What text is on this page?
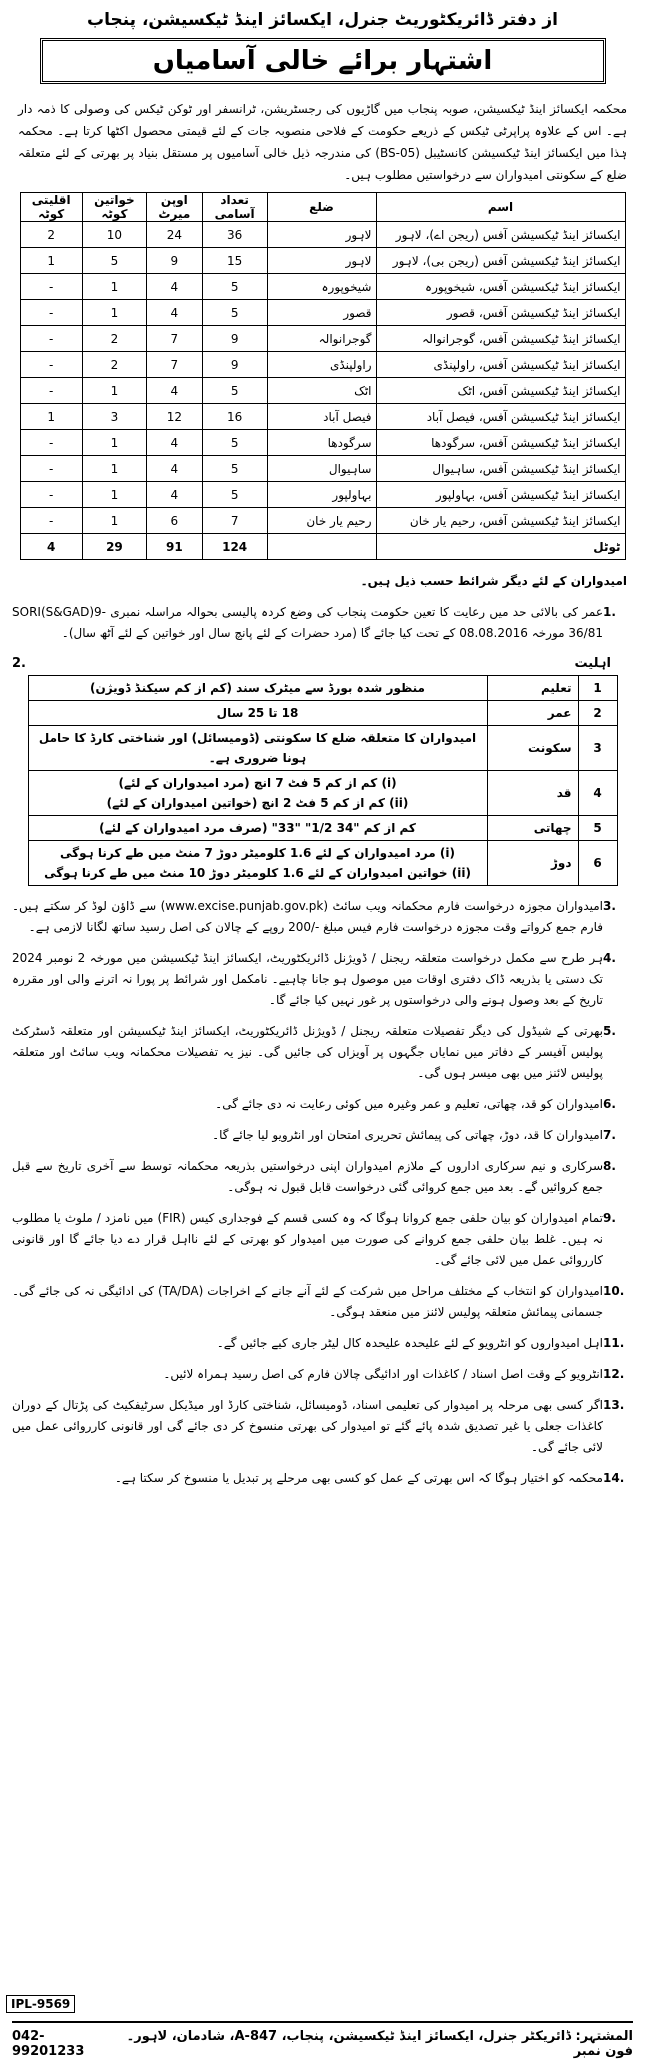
از دفتر ڈائریکٹوریٹ جنرل، ایکسائز اینڈ ٹیکسیشن، پنجاب
اشتہار برائے خالی آسامیاں
محکمہ ایکسائز اینڈ ٹیکسیشن، صوبہ پنجاب میں گاڑیوں کی رجسٹریشن، ٹرانسفر اور ٹوکن ٹیکس کی وصولی کا ذمہ دار ہے۔ اس کے علاوہ پراپرٹی ٹیکس کے ذریعے حکومت کے فلاحی منصوبہ جات کے لئے قیمتی محصول اکٹھا کرتا ہے۔ محکمہ ہٰذا میں ایکسائز اینڈ ٹیکسیشن کانسٹیبل (BS-05) کی مندرجہ ذیل خالی آسامیوں پر مستقل بنیاد پر بھرتی کے لئے متعلقہ ضلع کے سکونتی امیدواران سے درخواستیں مطلوب ہیں۔
اسم	ضلع	تعداد آسامی	اوپن میرٹ	خواتین کوٹہ	اقلیتی کوٹہ
ایکسائز اینڈ ٹیکسیشن آفس (ریجن اے)، لاہور	لاہور	36	24	10	2
ایکسائز اینڈ ٹیکسیشن آفس (ریجن بی)، لاہور	لاہور	15	9	5	1
ایکسائز اینڈ ٹیکسیشن آفس، شیخوپورہ	شیخوپورہ	5	4	1	-
ایکسائز اینڈ ٹیکسیشن آفس، قصور	قصور	5	4	1	-
ایکسائز اینڈ ٹیکسیشن آفس، گوجرانوالہ	گوجرانوالہ	9	7	2	-
ایکسائز اینڈ ٹیکسیشن آفس، راولپنڈی	راولپنڈی	9	7	2	-
ایکسائز اینڈ ٹیکسیشن آفس، اٹک	اٹک	5	4	1	-
ایکسائز اینڈ ٹیکسیشن آفس، فیصل آباد	فیصل آباد	16	12	3	1
ایکسائز اینڈ ٹیکسیشن آفس، سرگودھا	سرگودھا	5	4	1	-
ایکسائز اینڈ ٹیکسیشن آفس، ساہیوال	ساہیوال	5	4	1	-
ایکسائز اینڈ ٹیکسیشن آفس، بہاولپور	بہاولپور	5	4	1	-
ایکسائز اینڈ ٹیکسیشن آفس، رحیم یار خان	رحیم یار خان	7	6	1	-
ٹوٹل		124	91	29	4
امیدواران کے لئے دیگر شرائط حسب ذیل ہیں۔
1.
عمر کی بالائی حد میں رعایت کا تعین حکومت پنجاب کی وضع کردہ پالیسی بحوالہ مراسلہ نمبری SORI(S&GAD)9-36/81 مورخہ 08.08.2016 کے تحت کیا جائے گا (مرد حضرات کے لئے پانچ سال اور خواتین کے لئے آٹھ سال)۔
اہلیت
2.
1	تعلیم	منظور شدہ بورڈ سے میٹرک سند (کم از کم سیکنڈ ڈویژن)

2	عمر	18 تا 25 سال

3	سکونت	امیدواران کا متعلقہ ضلع کا سکونتی (ڈومیسائل) اور شناختی کارڈ کا حامل ہونا ضروری ہے۔

4	قد	(i) کم از کم 5 فٹ 7 انچ (مرد امیدواران کے لئے)
(ii) کم از کم 5 فٹ 2 انچ (خواتین امیدواران کے لئے)

5	چھاتی	کم از کم "34 1/2" "33" (صرف مرد امیدواران کے لئے)

6	دوڑ	(i) مرد امیدواران کے لئے 1.6 کلومیٹر دوڑ 7 منٹ میں طے کرنا ہوگی
(ii) خواتین امیدواران کے لئے 1.6 کلومیٹر دوڑ 10 منٹ میں طے کرنا ہوگی
3.
امیدواران مجوزہ درخواست فارم محکمانہ ویب سائٹ (www.excise.punjab.gov.pk) سے ڈاؤن لوڈ کر سکتے ہیں۔ فارم جمع کرواتے وقت مجوزہ درخواست فارم فیس مبلغ -/200 روپے کے چالان کی اصل رسید ساتھ لگانا لازمی ہے۔
4.
ہر طرح سے مکمل درخواست متعلقہ ریجنل / ڈویژنل ڈائریکٹوریٹ، ایکسائز اینڈ ٹیکسیشن میں مورخہ 2 نومبر 2024 تک دستی یا بذریعہ ڈاک دفتری اوقات میں موصول ہو جانا چاہیے۔ نامکمل اور شرائط پر پورا نہ اترنے والی اور مقررہ تاریخ کے بعد وصول ہونے والی درخواستوں پر غور نہیں کیا جائے گا۔
5.
بھرتی کے شیڈول کی دیگر تفصیلات متعلقہ ریجنل / ڈویژنل ڈائریکٹوریٹ، ایکسائز اینڈ ٹیکسیشن اور متعلقہ ڈسٹرکٹ پولیس آفیسر کے دفاتر میں نمایاں جگہوں پر آویزاں کی جائیں گی۔ نیز یہ تفصیلات محکمانہ ویب سائٹ اور متعلقہ پولیس لائنز میں بھی میسر ہوں گی۔
6.
امیدواران کو قد، چھاتی، تعلیم و عمر وغیرہ میں کوئی رعایت نہ دی جائے گی۔
7.
امیدواران کا قد، دوڑ، چھاتی کی پیمائش تحریری امتحان اور انٹرویو لیا جائے گا۔
8.
سرکاری و نیم سرکاری اداروں کے ملازم امیدواران اپنی درخواستیں بذریعہ محکمانہ توسط سے آخری تاریخ سے قبل جمع کروائیں گے۔ بعد میں جمع کروائی گئی درخواست قابل قبول نہ ہوگی۔
9.
تمام امیدواران کو بیان حلفی جمع کروانا ہوگا کہ وہ کسی قسم کے فوجداری کیس (FIR) میں نامزد / ملوث یا مطلوب نہ ہیں۔ غلط بیان حلفی جمع کروانے کی صورت میں امیدوار کو بھرتی کے لئے نااہل قرار دے دیا جائے گا اور قانونی کارروائی عمل میں لائی جائے گی۔
10.
امیدواران کو انتخاب کے مختلف مراحل میں شرکت کے لئے آنے جانے کے اخراجات (TA/DA) کی ادائیگی نہ کی جائے گی۔ جسمانی پیمائش متعلقہ پولیس لائنز میں منعقد ہوگی۔
11.
اہل امیدواروں کو انٹرویو کے لئے علیحدہ علیحدہ کال لیٹر جاری کیے جائیں گے۔
12.
انٹرویو کے وقت اصل اسناد / کاغذات اور ادائیگی چالان فارم کی اصل رسید ہمراہ لائیں۔
13.
اگر کسی بھی مرحلہ پر امیدوار کی تعلیمی اسناد، ڈومیسائل، شناختی کارڈ اور میڈیکل سرٹیفکیٹ کی پڑتال کے دوران کاغذات جعلی یا غیر تصدیق شدہ پائے گئے تو امیدوار کی بھرتی منسوخ کر دی جائے گی اور قانونی کارروائی عمل میں لائی جائے گی۔
14.
محکمہ کو اختیار ہوگا کہ اس بھرتی کے عمل کو کسی بھی مرحلے پر تبدیل یا منسوخ کر سکتا ہے۔
IPL-9569
المشتہر: ڈائریکٹر جنرل، ایکسائز اینڈ ٹیکسیشن، پنجاب، A-847، شادمان، لاہور۔ فون نمبر
042-99201233
